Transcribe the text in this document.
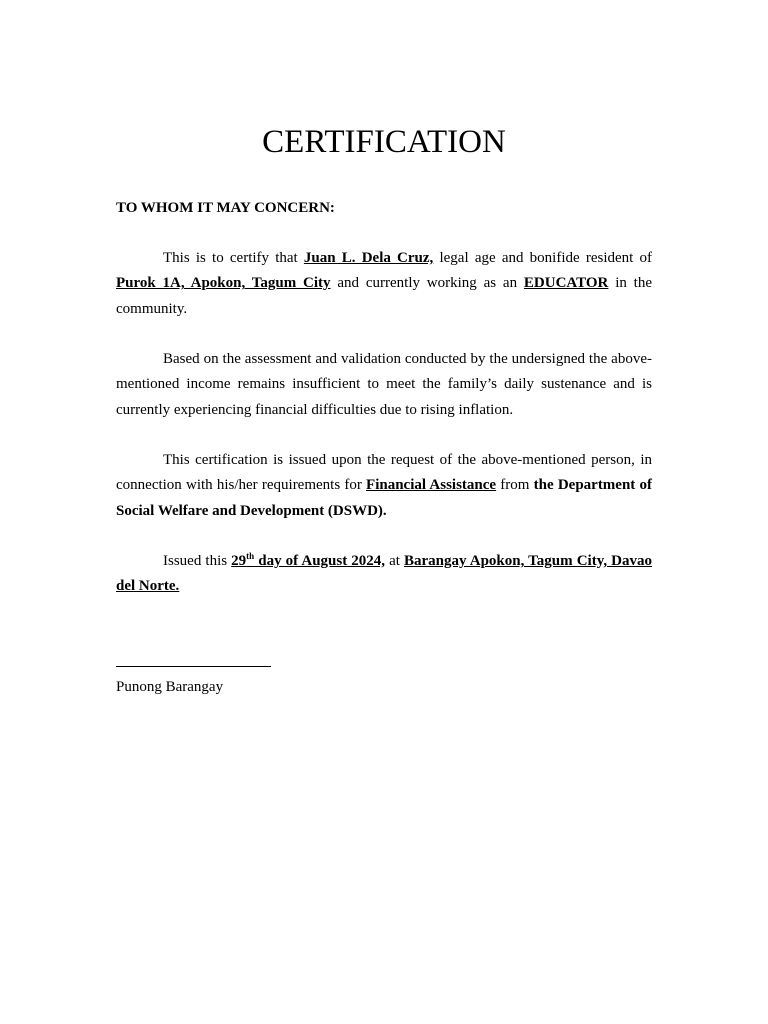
CERTIFICATION

TO WHOM IT MAY CONCERN:

This is to certify that Juan L. Dela Cruz, legal age and bonifide resident of Purok 1A, Apokon, Tagum City and currently working as an EDUCATOR in the community.

Based on the assessment and validation conducted by the undersigned the above-mentioned income remains insufficient to meet the family’s daily sustenance and is currently experiencing financial difficulties due to rising inflation.

This certification is issued upon the request of the above-mentioned person, in connection with his/her requirements for Financial Assistance from the Department of Social Welfare and Development (DSWD).

Issued this 29th day of August 2024, at Barangay Apokon, Tagum City, Davao del Norte.

Punong Barangay
